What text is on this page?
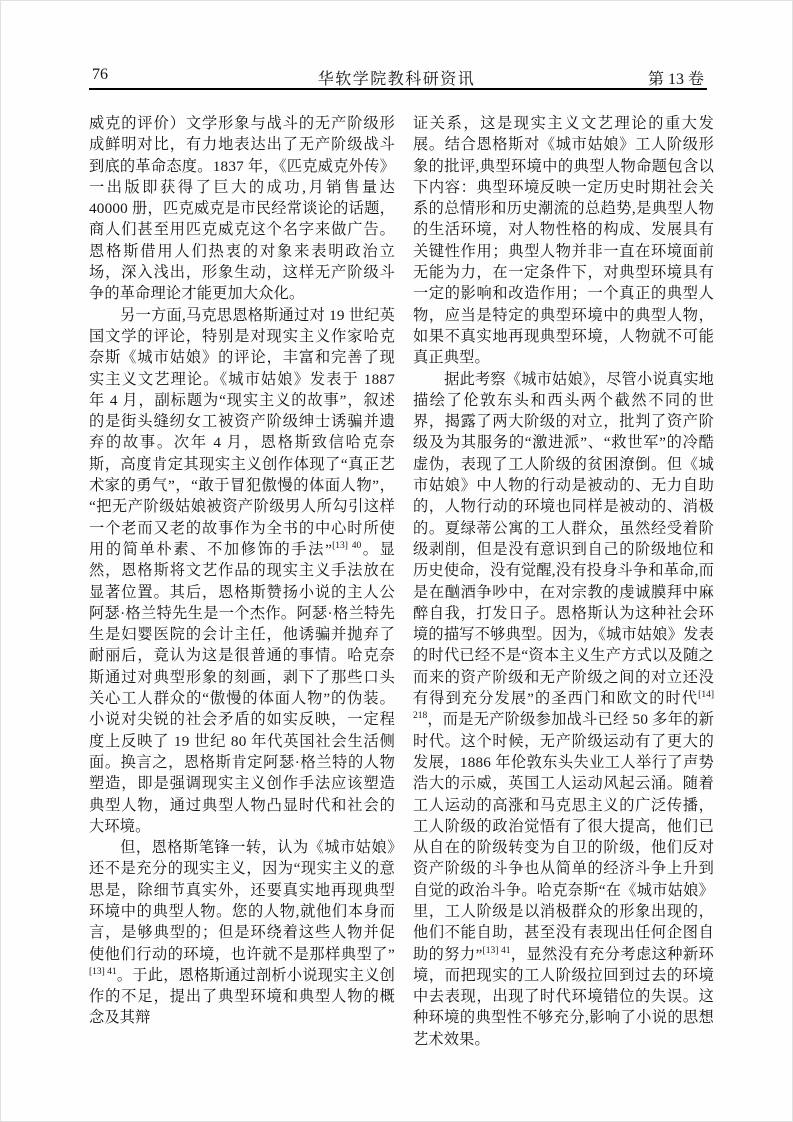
76	华软学院教科研资讯	第 13 卷

威克的评价）文学形象与战斗的无产阶级形成鲜明对比，有力地表达出了无产阶级战斗到底的革命态度。1837 年，《匹克威克外传》一出版即获得了巨大的成功,月销售量达 40000 册，匹克威克是市民经常谈论的话题，商人们甚至用匹克威克这个名字来做广告。恩格斯借用人们热衷的对象来表明政治立场，深入浅出，形象生动，这样无产阶级斗争的革命理论才能更加大众化。

另一方面,马克思恩格斯通过对 19 世纪英国文学的评论，特别是对现实主义作家哈克奈斯《城市姑娘》的评论，丰富和完善了现实主义文艺理论。《城市姑娘》发表于 1887 年 4 月，副标题为“现实主义的故事”，叙述的是街头缝纫女工被资产阶级绅士诱骗并遗弃的故事。次年 4 月，恩格斯致信哈克奈斯，高度肯定其现实主义创作体现了“真正艺术家的勇气”，“敢于冒犯傲慢的体面人物”，“把无产阶级姑娘被资产阶级男人所勾引这样一个老而又老的故事作为全书的中心时所使用的简单朴素、不加修饰的手法”$^{[13] 40}$。显然，恩格斯将文艺作品的现实主义手法放在显著位置。其后，恩格斯赞扬小说的主人公阿瑟·格兰特先生是一个杰作。阿瑟·格兰特先生是妇婴医院的会计主任，他诱骗并抛弃了耐丽后，竟认为这是很普通的事情。哈克奈斯通过对典型形象的刻画，剥下了那些口头关心工人群众的“傲慢的体面人物”的伪装。小说对尖锐的社会矛盾的如实反映，一定程度上反映了 19 世纪 80 年代英国社会生活侧面。换言之，恩格斯肯定阿瑟·格兰特的人物塑造，即是强调现实主义创作手法应该塑造典型人物，通过典型人物凸显时代和社会的大环境。

但，恩格斯笔锋一转，认为《城市姑娘》还不是充分的现实主义，因为“现实主义的意思是，除细节真实外，还要真实地再现典型环境中的典型人物。您的人物,就他们本身而言，是够典型的；但是环绕着这些人物并促使他们行动的环境，也许就不是那样典型了”$^{[13] 41}$。于此，恩格斯通过剖析小说现实主义创作的不足，提出了典型环境和典型人物的概念及其辩

证关系，这是现实主义文艺理论的重大发展。结合恩格斯对《城市姑娘》工人阶级形象的批评,典型环境中的典型人物命题包含以下内容：典型环境反映一定历史时期社会关系的总情形和历史潮流的总趋势,是典型人物的生活环境，对人物性格的构成、发展具有关键性作用；典型人物并非一直在环境面前无能为力，在一定条件下，对典型环境具有一定的影响和改造作用；一个真正的典型人物，应当是特定的典型环境中的典型人物，如果不真实地再现典型环境，人物就不可能真正典型。

据此考察《城市姑娘》，尽管小说真实地描绘了伦敦东头和西头两个截然不同的世界，揭露了两大阶级的对立，批判了资产阶级及为其服务的“激进派”、“救世军”的冷酷虚伪，表现了工人阶级的贫困潦倒。但《城市姑娘》中人物的行动是被动的、无力自助的，人物行动的环境也同样是被动的、消极的。夏绿蒂公寓的工人群众，虽然经受着阶级剥削，但是没有意识到自己的阶级地位和历史使命，没有觉醒,没有投身斗争和革命,而是在酗酒争吵中，在对宗教的虔诚膜拜中麻醉自我，打发日子。恩格斯认为这种社会环境的描写不够典型。因为，《城市姑娘》发表的时代已经不是“资本主义生产方式以及随之而来的资产阶级和无产阶级之间的对立还没有得到充分发展”的圣西门和欧文的时代$^{[14] 218}$，而是无产阶级参加战斗已经 50 多年的新时代。这个时候，无产阶级运动有了更大的发展，1886 年伦敦东头失业工人举行了声势浩大的示威，英国工人运动风起云涌。随着工人运动的高涨和马克思主义的广泛传播，工人阶级的政治觉悟有了很大提高，他们已从自在的阶级转变为自卫的阶级，他们反对资产阶级的斗争也从简单的经济斗争上升到自觉的政治斗争。哈克奈斯“在《城市姑娘》里，工人阶级是以消极群众的形象出现的，他们不能自助，甚至没有表现出任何企图自助的努力”$^{[13] 41}$，显然没有充分考虑这种新环境，而把现实的工人阶级拉回到过去的环境中去表现，出现了时代环境错位的失误。这种环境的典型性不够充分,影响了小说的思想艺术效果。
